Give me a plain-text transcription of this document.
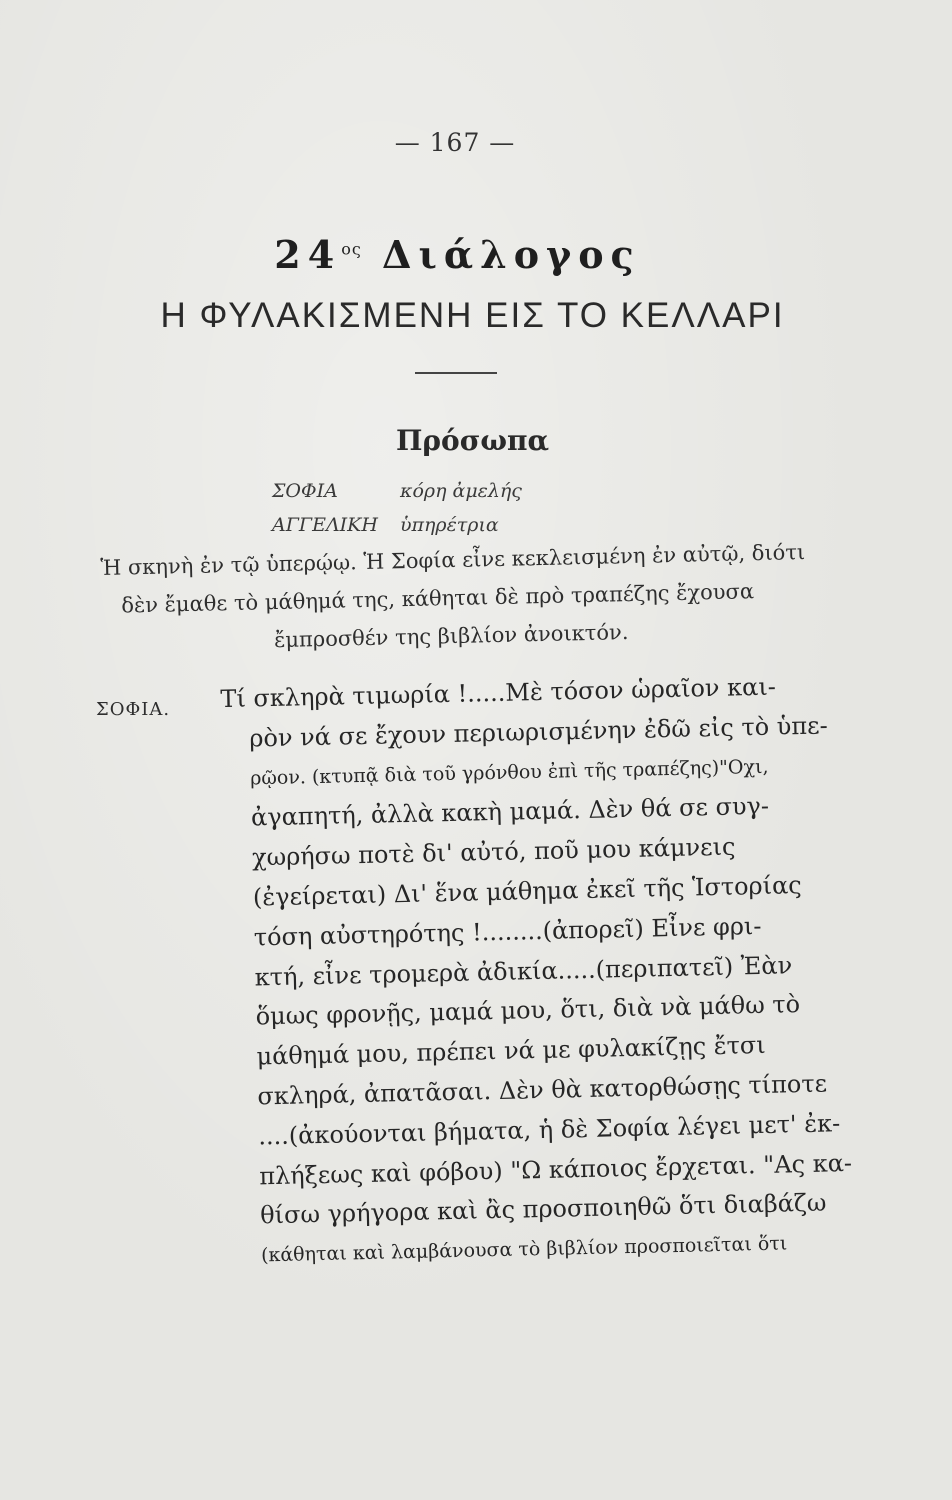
— 167 —
$24^{o\varsigma}$ Διάλογος
Η ΦΥΛΑΚΙΣΜΕΝΗ ΕΙΣ ΤΟ ΚΕΛΛΑΡΙ
Πρόσωπα
ΣΟΦΙΑ	κόρη ἀμελής
ΑΓΓΕΛΙΚΗ	ὑπηρέτρια
Ἡ σκηνὴ ἐν τῷ ὑπερῴῳ. Ἡ Σοφία εἶνε κεκλεισμένη ἐν αὐτῷ, διότι
δὲν ἔμαθε τὸ μάθημά της, κάθηται δὲ πρὸ τραπέζης ἔχουσα
ἔμπροσθέν της βιβλίον ἀνοικτόν.
ΣΟΦΙΑ. Τί σκληρὰ τιμωρία !.....Μὲ τόσον ὡραῖον και-
ρὸν νά σε ἔχουν περιωρισμένην ἐδῶ εἰς τὸ ὑπε-
ρῷον. (κτυπᾷ διὰ τοῦ γρόνθου ἐπὶ τῆς τραπέζης)"Οχι,
ἀγαπητή, ἀλλὰ κακὴ μαμά. Δὲν θά σε συγ-
χωρήσω ποτὲ δι' αὐτό, ποῦ μου κάμνεις
(ἐγείρεται) Δι' ἕνα μάθημα ἐκεῖ τῆς Ἱστορίας
τόση αὐστηρότης !........(ἀπορεῖ) Εἶνε φρι-
κτή, εἶνε τρομερὰ ἀδικία.....(περιπατεῖ) Ἐὰν
ὅμως φρονῇς, μαμά μου, ὅτι, διὰ νὰ μάθω τὸ
μάθημά μου, πρέπει νά με φυλακίζῃς ἔτσι
σκληρά, ἀπατᾶσαι. Δὲν θὰ κατορθώσῃς τίποτε
....(ἀκούονται βήματα, ἡ δὲ Σοφία λέγει μετ' ἐκ-
πλήξεως καὶ φόβου) "Ω κάποιος ἔρχεται. "Ας κα-
θίσω γρήγορα καὶ ἂς προσποιηθῶ ὅτι διαβάζω
(κάθηται καὶ λαμβάνουσα τὸ βιβλίον προσποιεῖται ὅτι
